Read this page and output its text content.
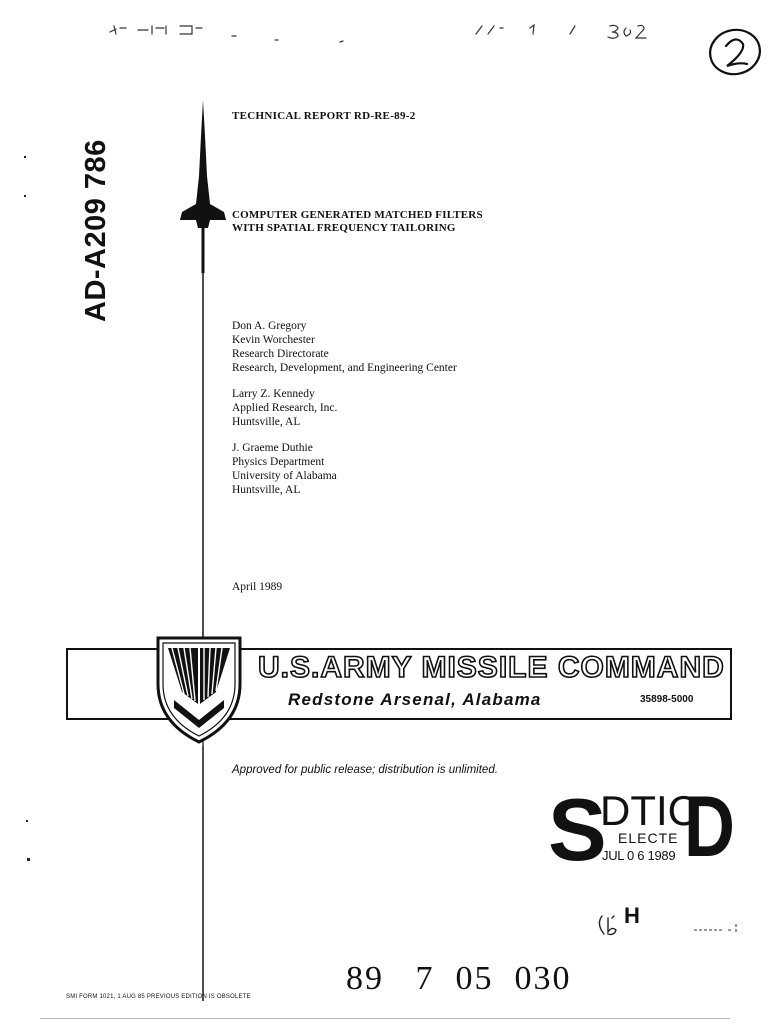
AD-A209 786
TECHNICAL REPORT RD-RE-89-2
COMPUTER GENERATED MATCHED FILTERS
WITH SPATIAL FREQUENCY TAILORING
Don A. Gregory
Kevin Worchester
Research Directorate
Research, Development, and Engineering Center
Larry Z. Kennedy
Applied Research, Inc.
Huntsville, AL
J. Graeme Duthie
Physics Department
University of Alabama
Huntsville, AL
April 1989
U.S.ARMY MISSILE COMMAND
Redstone Arsenal, Alabama	35898-5000
Approved for public release; distribution is unlimited.
S
DTIC
ELECTE
JUL 0 6 1989 D
H
SMI FORM 1021, 1 AUG 85 PREVIOUS EDITION IS OBSOLETE	89   7  05  030
